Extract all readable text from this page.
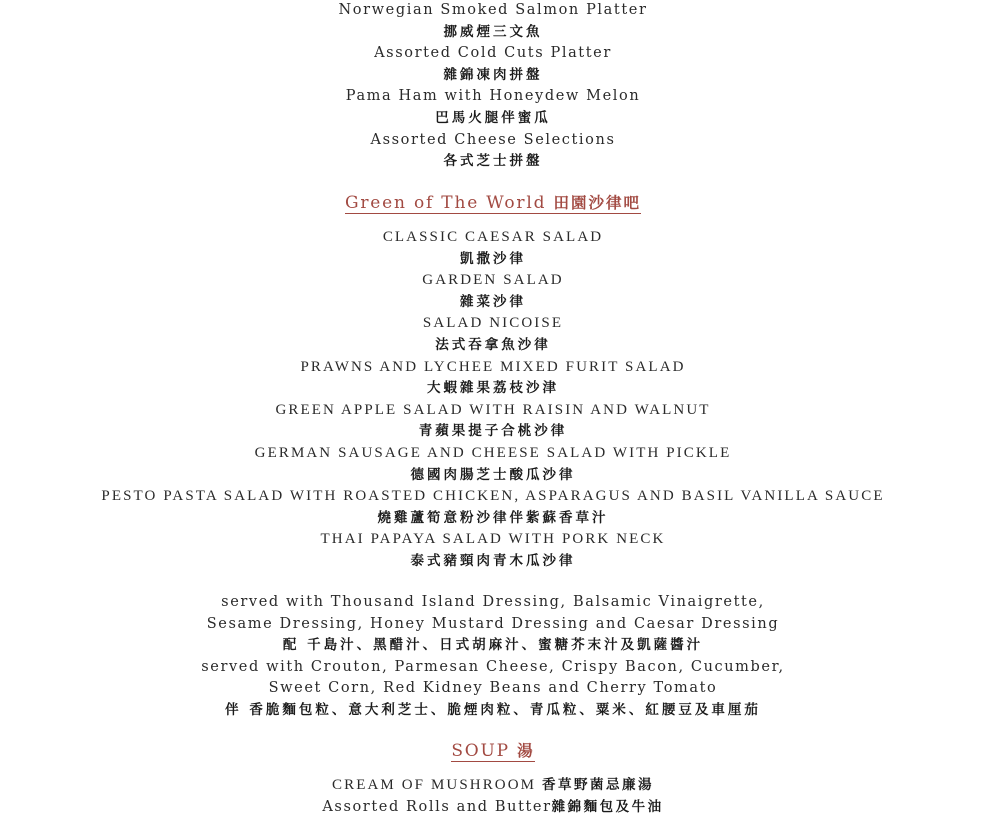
Norwegian Smoked Salmon Platter
挪威煙三文魚
Assorted Cold Cuts Platter
雜錦凍肉拼盤
Pama Ham with Honeydew Melon
巴馬火腿伴蜜瓜
Assorted Cheese Selections
各式芝士拼盤
Green of The World 田園沙律吧
CLASSIC CAESAR SALAD
凱撒沙律
GARDEN SALAD
雜菜沙律
SALAD NICOISE
法式吞拿魚沙律
PRAWNS AND LYCHEE MIXED FURIT SALAD
大蝦雜果荔枝沙津
GREEN APPLE SALAD WITH RAISIN AND WALNUT
青蘋果提子合桃沙律
GERMAN SAUSAGE AND CHEESE SALAD WITH PICKLE
德國肉腸芝士酸瓜沙律
PESTO PASTA SALAD WITH ROASTED CHICKEN, ASPARAGUS AND BASIL VANILLA SAUCE
燒雞蘆筍意粉沙律伴紫蘇香草汁
THAI PAPAYA SALAD WITH PORK NECK
泰式豬頸肉青木瓜沙律
served with Thousand Island Dressing, Balsamic Vinaigrette,
Sesame Dressing, Honey Mustard Dressing and Caesar Dressing
配 千島汁、黑醋汁、日式胡麻汁、蜜糖芥末汁及凱薩醬汁
served with Crouton, Parmesan Cheese, Crispy Bacon, Cucumber,
Sweet Corn, Red Kidney Beans and Cherry Tomato
伴 香脆麵包粒、意大利芝士、脆煙肉粒、青瓜粒、粟米、紅腰豆及車厘茄
SOUP 湯
CREAM OF MUSHROOM 香草野菌忌廉湯
Assorted Rolls and Butter雜錦麵包及牛油
